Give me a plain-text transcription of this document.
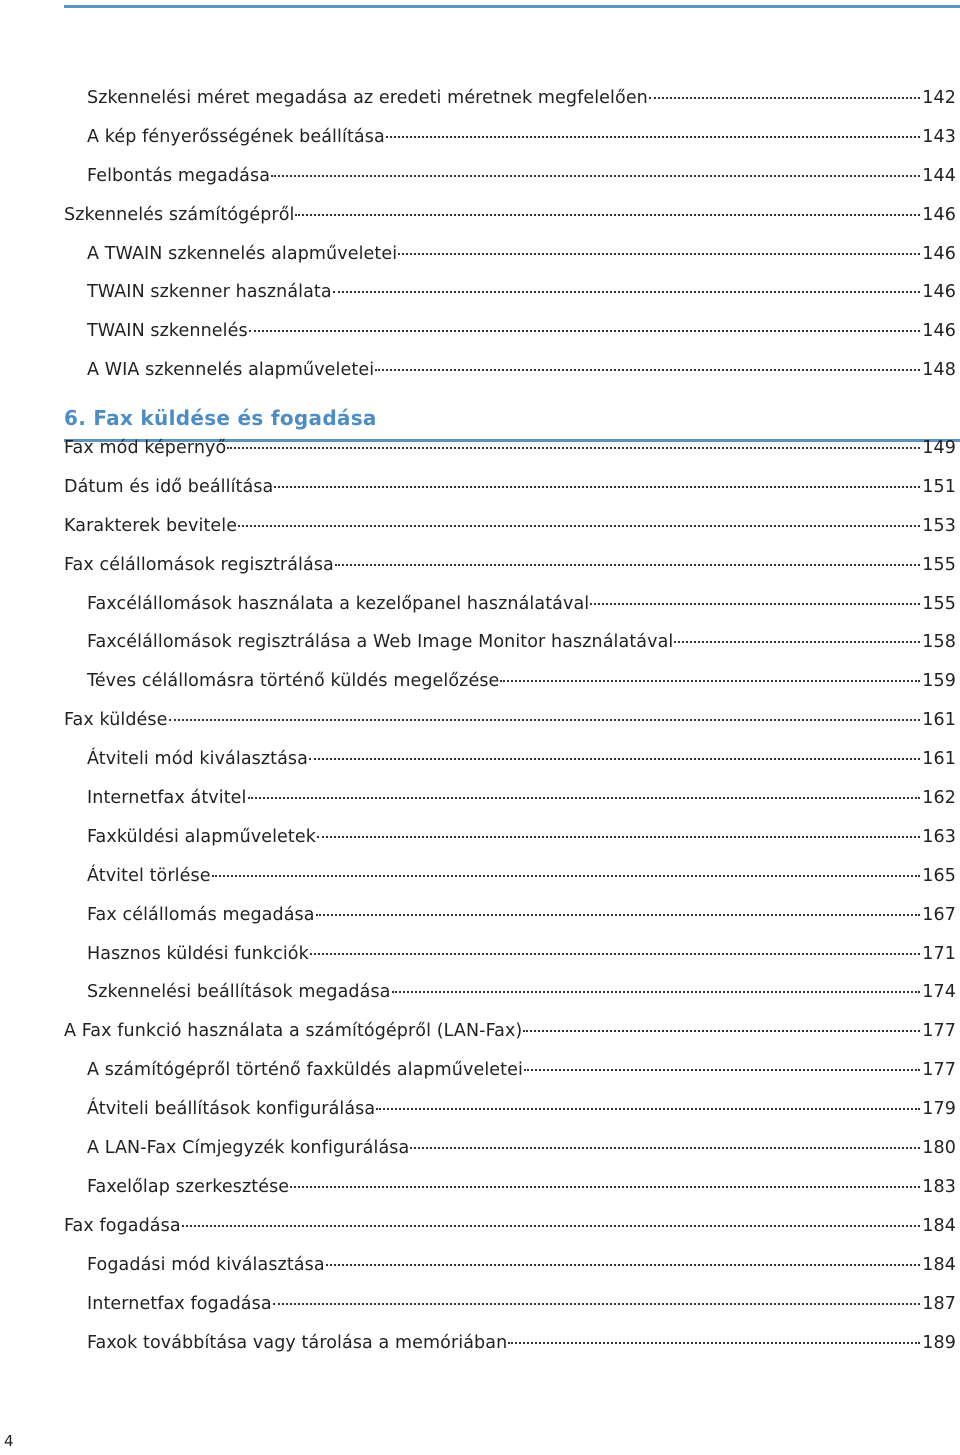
Szkennelési méret megadása az eredeti méretnek megfelelően	142
A kép fényerősségének beállítása	143
Felbontás megadása	144
Szkennelés számítógépről	146
A TWAIN szkennelés alapműveletei	146
TWAIN szkenner használata	146
TWAIN szkennelés	146
A WIA szkennelés alapműveletei	148
6. Fax küldése és fogadása
Fax mód képernyő	149
Dátum és idő beállítása	151
Karakterek bevitele	153
Fax célállomások regisztrálása	155
Faxcélállomások használata a kezelőpanel használatával	155
Faxcélállomások regisztrálása a Web Image Monitor használatával	158
Téves célállomásra történő küldés megelőzése	159
Fax küldése	161
Átviteli mód kiválasztása	161
Internetfax átvitel	162
Faxküldési alapműveletek	163
Átvitel törlése	165
Fax célállomás megadása	167
Hasznos küldési funkciók	171
Szkennelési beállítások megadása	174
A Fax funkció használata a számítógépről (LAN-Fax)	177
A számítógépről történő faxküldés alapműveletei	177
Átviteli beállítások konfigurálása	179
A LAN-Fax Címjegyzék konfigurálása	180
Faxelőlap szerkesztése	183
Fax fogadása	184
Fogadási mód kiválasztása	184
Internetfax fogadása	187
Faxok továbbítása vagy tárolása a memóriában	189
4
